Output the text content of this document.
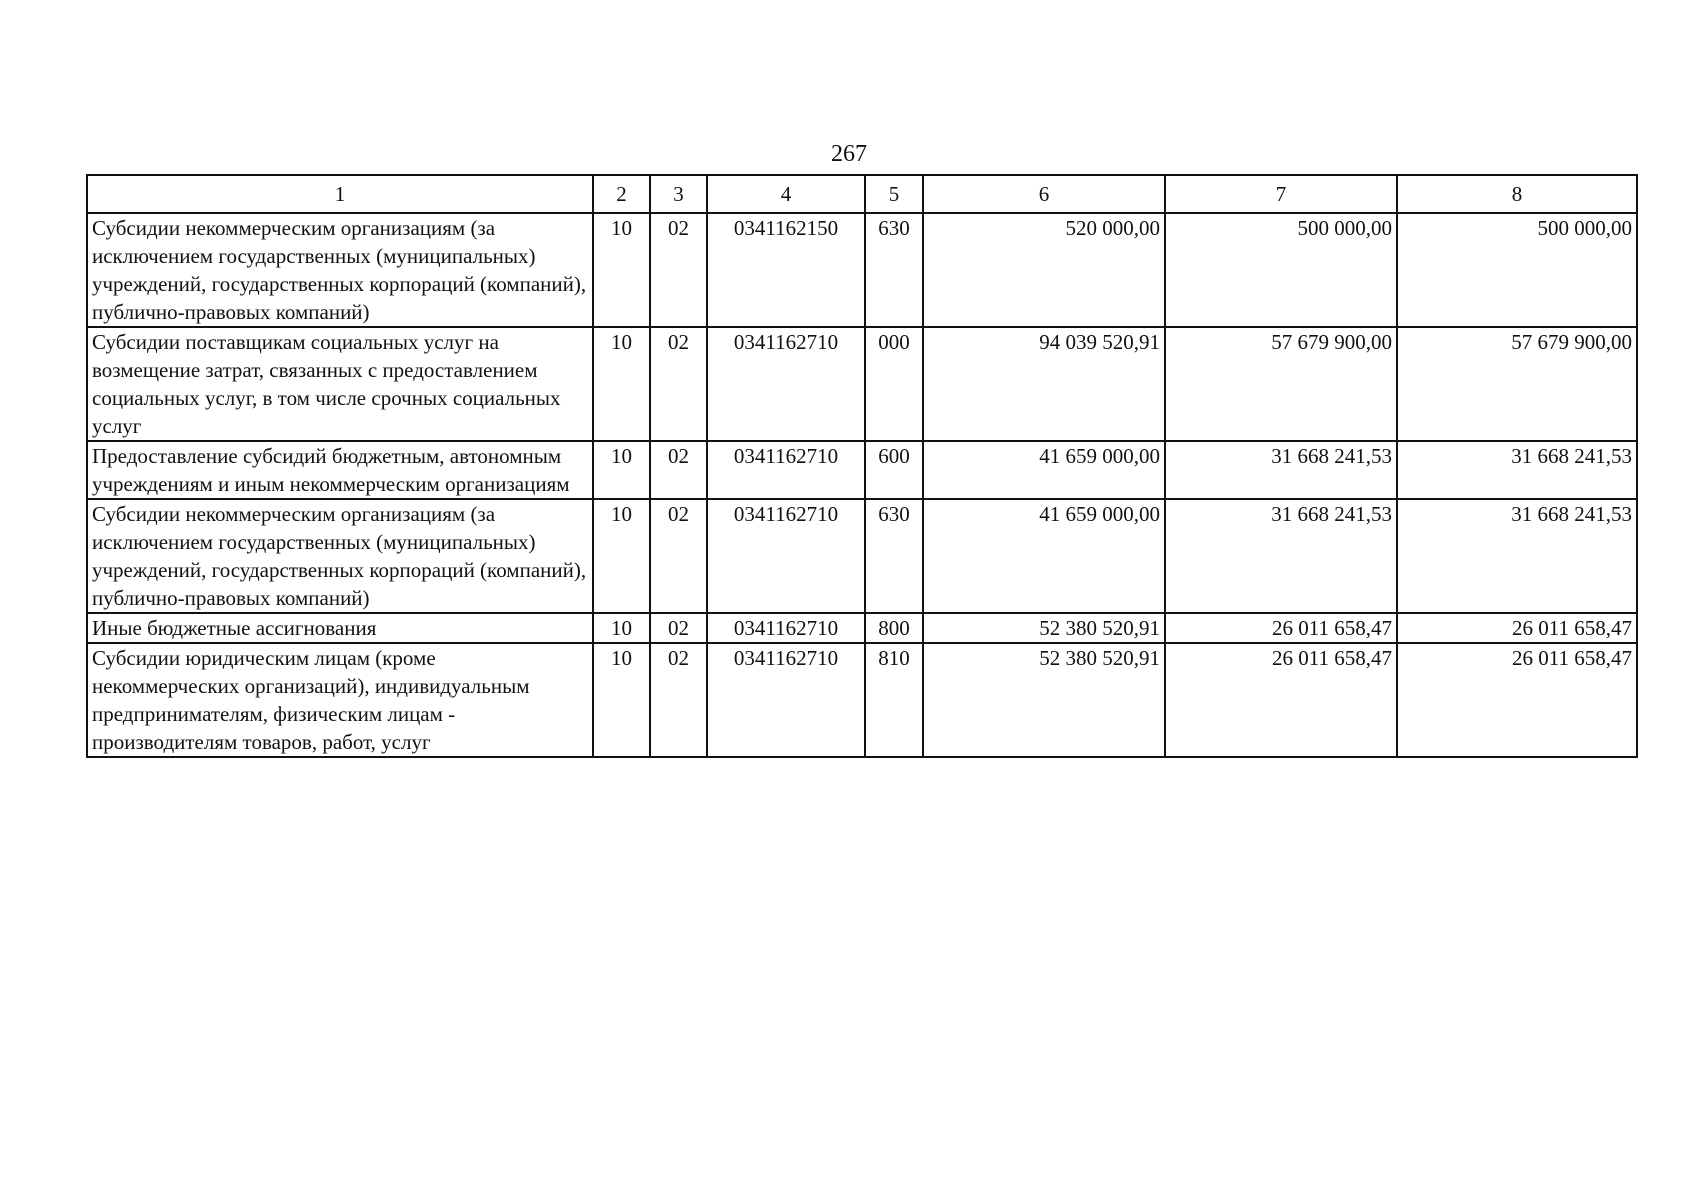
267
1	2	3	4	5	6	7	8
Субсидии некоммерческим организациям (за исключением государственных (муниципальных) учреждений, государственных корпораций (компаний), публично-правовых компаний)	10	02	0341162150	630	520 000,00	500 000,00	500 000,00
Субсидии поставщикам социальных услуг на возмещение затрат, связанных с предоставлением социальных услуг, в том числе срочных социальных услуг	10	02	0341162710	000	94 039 520,91	57 679 900,00	57 679 900,00
Предоставление субсидий бюджетным, автономным учреждениям и иным некоммерческим организациям	10	02	0341162710	600	41 659 000,00	31 668 241,53	31 668 241,53
Субсидии некоммерческим организациям (за исключением государственных (муниципальных) учреждений, государственных корпораций (компаний), публично-правовых компаний)	10	02	0341162710	630	41 659 000,00	31 668 241,53	31 668 241,53
Иные бюджетные ассигнования	10	02	0341162710	800	52 380 520,91	26 011 658,47	26 011 658,47
Субсидии юридическим лицам (кроме некоммерческих организаций), индивидуальным предпринимателям, физическим лицам - производителям товаров, работ, услуг	10	02	0341162710	810	52 380 520,91	26 011 658,47	26 011 658,47
